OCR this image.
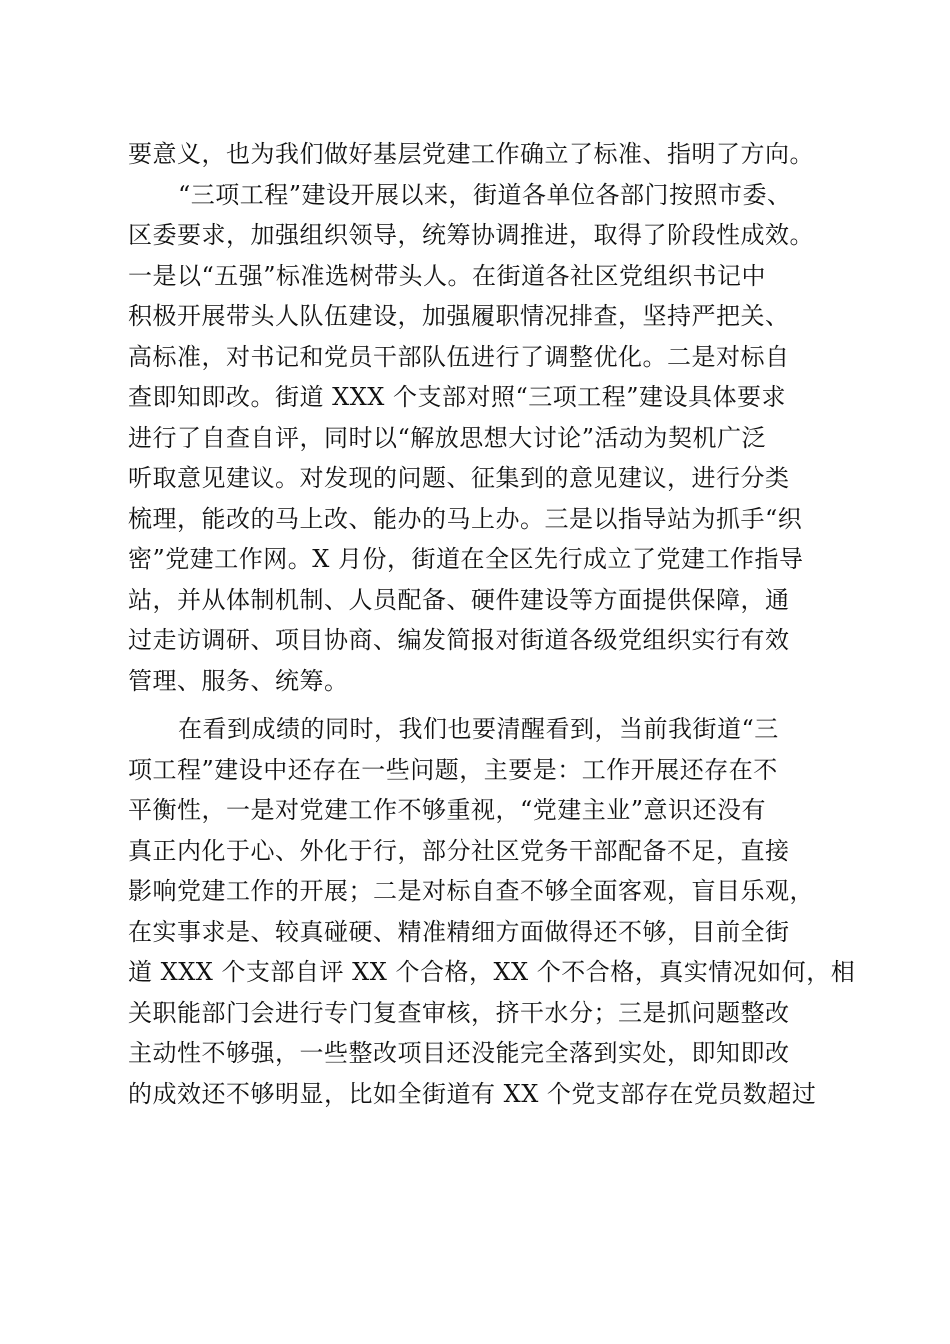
要意义，也为我们做好基层党建工作确立了标准、指明了方向。
“三项工程”建设开展以来，街道各单位各部门按照市委、
区委要求，加强组织领导，统筹协调推进，取得了阶段性成效。
一是以“五强”标准选树带头人。在街道各社区党组织书记中
积极开展带头人队伍建设，加强履职情况排查，坚持严把关、
高标准，对书记和党员干部队伍进行了调整优化。二是对标自
查即知即改。街道 XXX 个支部对照“三项工程”建设具体要求
进行了自查自评，同时以“解放思想大讨论”活动为契机广泛
听取意见建议。对发现的问题、征集到的意见建议，进行分类
梳理，能改的马上改、能办的马上办。三是以指导站为抓手“织
密”党建工作网。X 月份，街道在全区先行成立了党建工作指导
站，并从体制机制、人员配备、硬件建设等方面提供保障，通
过走访调研、项目协商、编发简报对街道各级党组织实行有效
管理、服务、统筹。
在看到成绩的同时，我们也要清醒看到，当前我街道“三
项工程”建设中还存在一些问题，主要是：工作开展还存在不
平衡性，一是对党建工作不够重视，“党建主业”意识还没有
真正内化于心、外化于行，部分社区党务干部配备不足，直接
影响党建工作的开展；二是对标自查不够全面客观，盲目乐观，
在实事求是、较真碰硬、精准精细方面做得还不够，目前全街
道 XXX 个支部自评 XX 个合格，XX 个不合格，真实情况如何，相
关职能部门会进行专门复查审核，挤干水分；三是抓问题整改
主动性不够强，一些整改项目还没能完全落到实处，即知即改
的成效还不够明显，比如全街道有 XX 个党支部存在党员数超过
